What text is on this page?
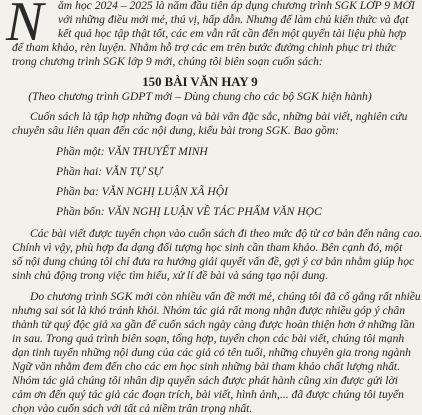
N ăm học 2024 – 2025 là năm đầu tiên áp dụng chương trình SGK LỚP 9 MỚI
với những điều mới mẻ, thú vị, hấp dẫn. Nhưng để làm chủ kiến thức và đạt
kết quả học tập thật tốt, các em vẫn rất cần đến một quyển tài liệu phù hợp
để tham khảo, rèn luyện. Nhằm hỗ trợ các em trên bước đường chinh phục tri thức
trong chương trình SGK lớp 9 mới, chúng tôi biên soạn cuốn sách:
150 BÀI VĂN HAY 9
(Theo chương trình GDPT mới – Dùng chung cho các bộ SGK hiện hành)
Cuốn sách là tập hợp những đoạn và bài văn đặc sắc, những bài viết, nghiên cứu
chuyên sâu liên quan đến các nội dung, kiểu bài trong SGK. Bao gồm:
Phần một: VĂN THUYẾT MINH
Phần hai: VĂN TỰ SỰ
Phần ba: VĂN NGHỊ LUẬN XÃ HỘI
Phần bốn: VĂN NGHỊ LUẬN VỀ TÁC PHẨM VĂN HỌC
Các bài viết được tuyển chọn vào cuốn sách đi theo mức độ từ cơ bản đến nâng cao.
Chính vì vậy, phù hợp đa dạng đối tượng học sinh cần tham khảo. Bên cạnh đó, một
số nội dung chúng tôi chỉ đưa ra hướng giải quyết vấn đề, gợi ý cơ bản nhằm giúp học
sinh chủ động trong việc tìm hiểu, xử lí đề bài và sáng tạo nội dung.
Do chương trình SGK mới còn nhiều vấn đề mới mẻ, chúng tôi đã cố gắng rất nhiều
nhưng sai sót là khó tránh khỏi. Nhóm tác giả rất mong nhận được nhiều góp ý chân
thành từ quý độc giả xa gần để cuốn sách ngày càng được hoàn thiện hơn ở những lần
in sau. Trong quá trình biên soạn, tổng hợp, tuyển chọn các bài viết, chúng tôi mạnh
dạn tinh tuyển những nội dung của các giả có tên tuổi, những chuyên gia trong ngành
Ngữ văn nhằm đem đến cho các em học sinh những bài tham khảo chất lượng nhất.
Nhóm tác giả chúng tôi nhân dịp quyển sách được phát hành cũng xin được gửi lời
cảm ơn đến quý tác giả các đoạn trích, bài viết, hình ảnh,... đã được chúng tôi tuyển
chọn vào cuốn sách với tất cả niềm trân trọng nhất.
